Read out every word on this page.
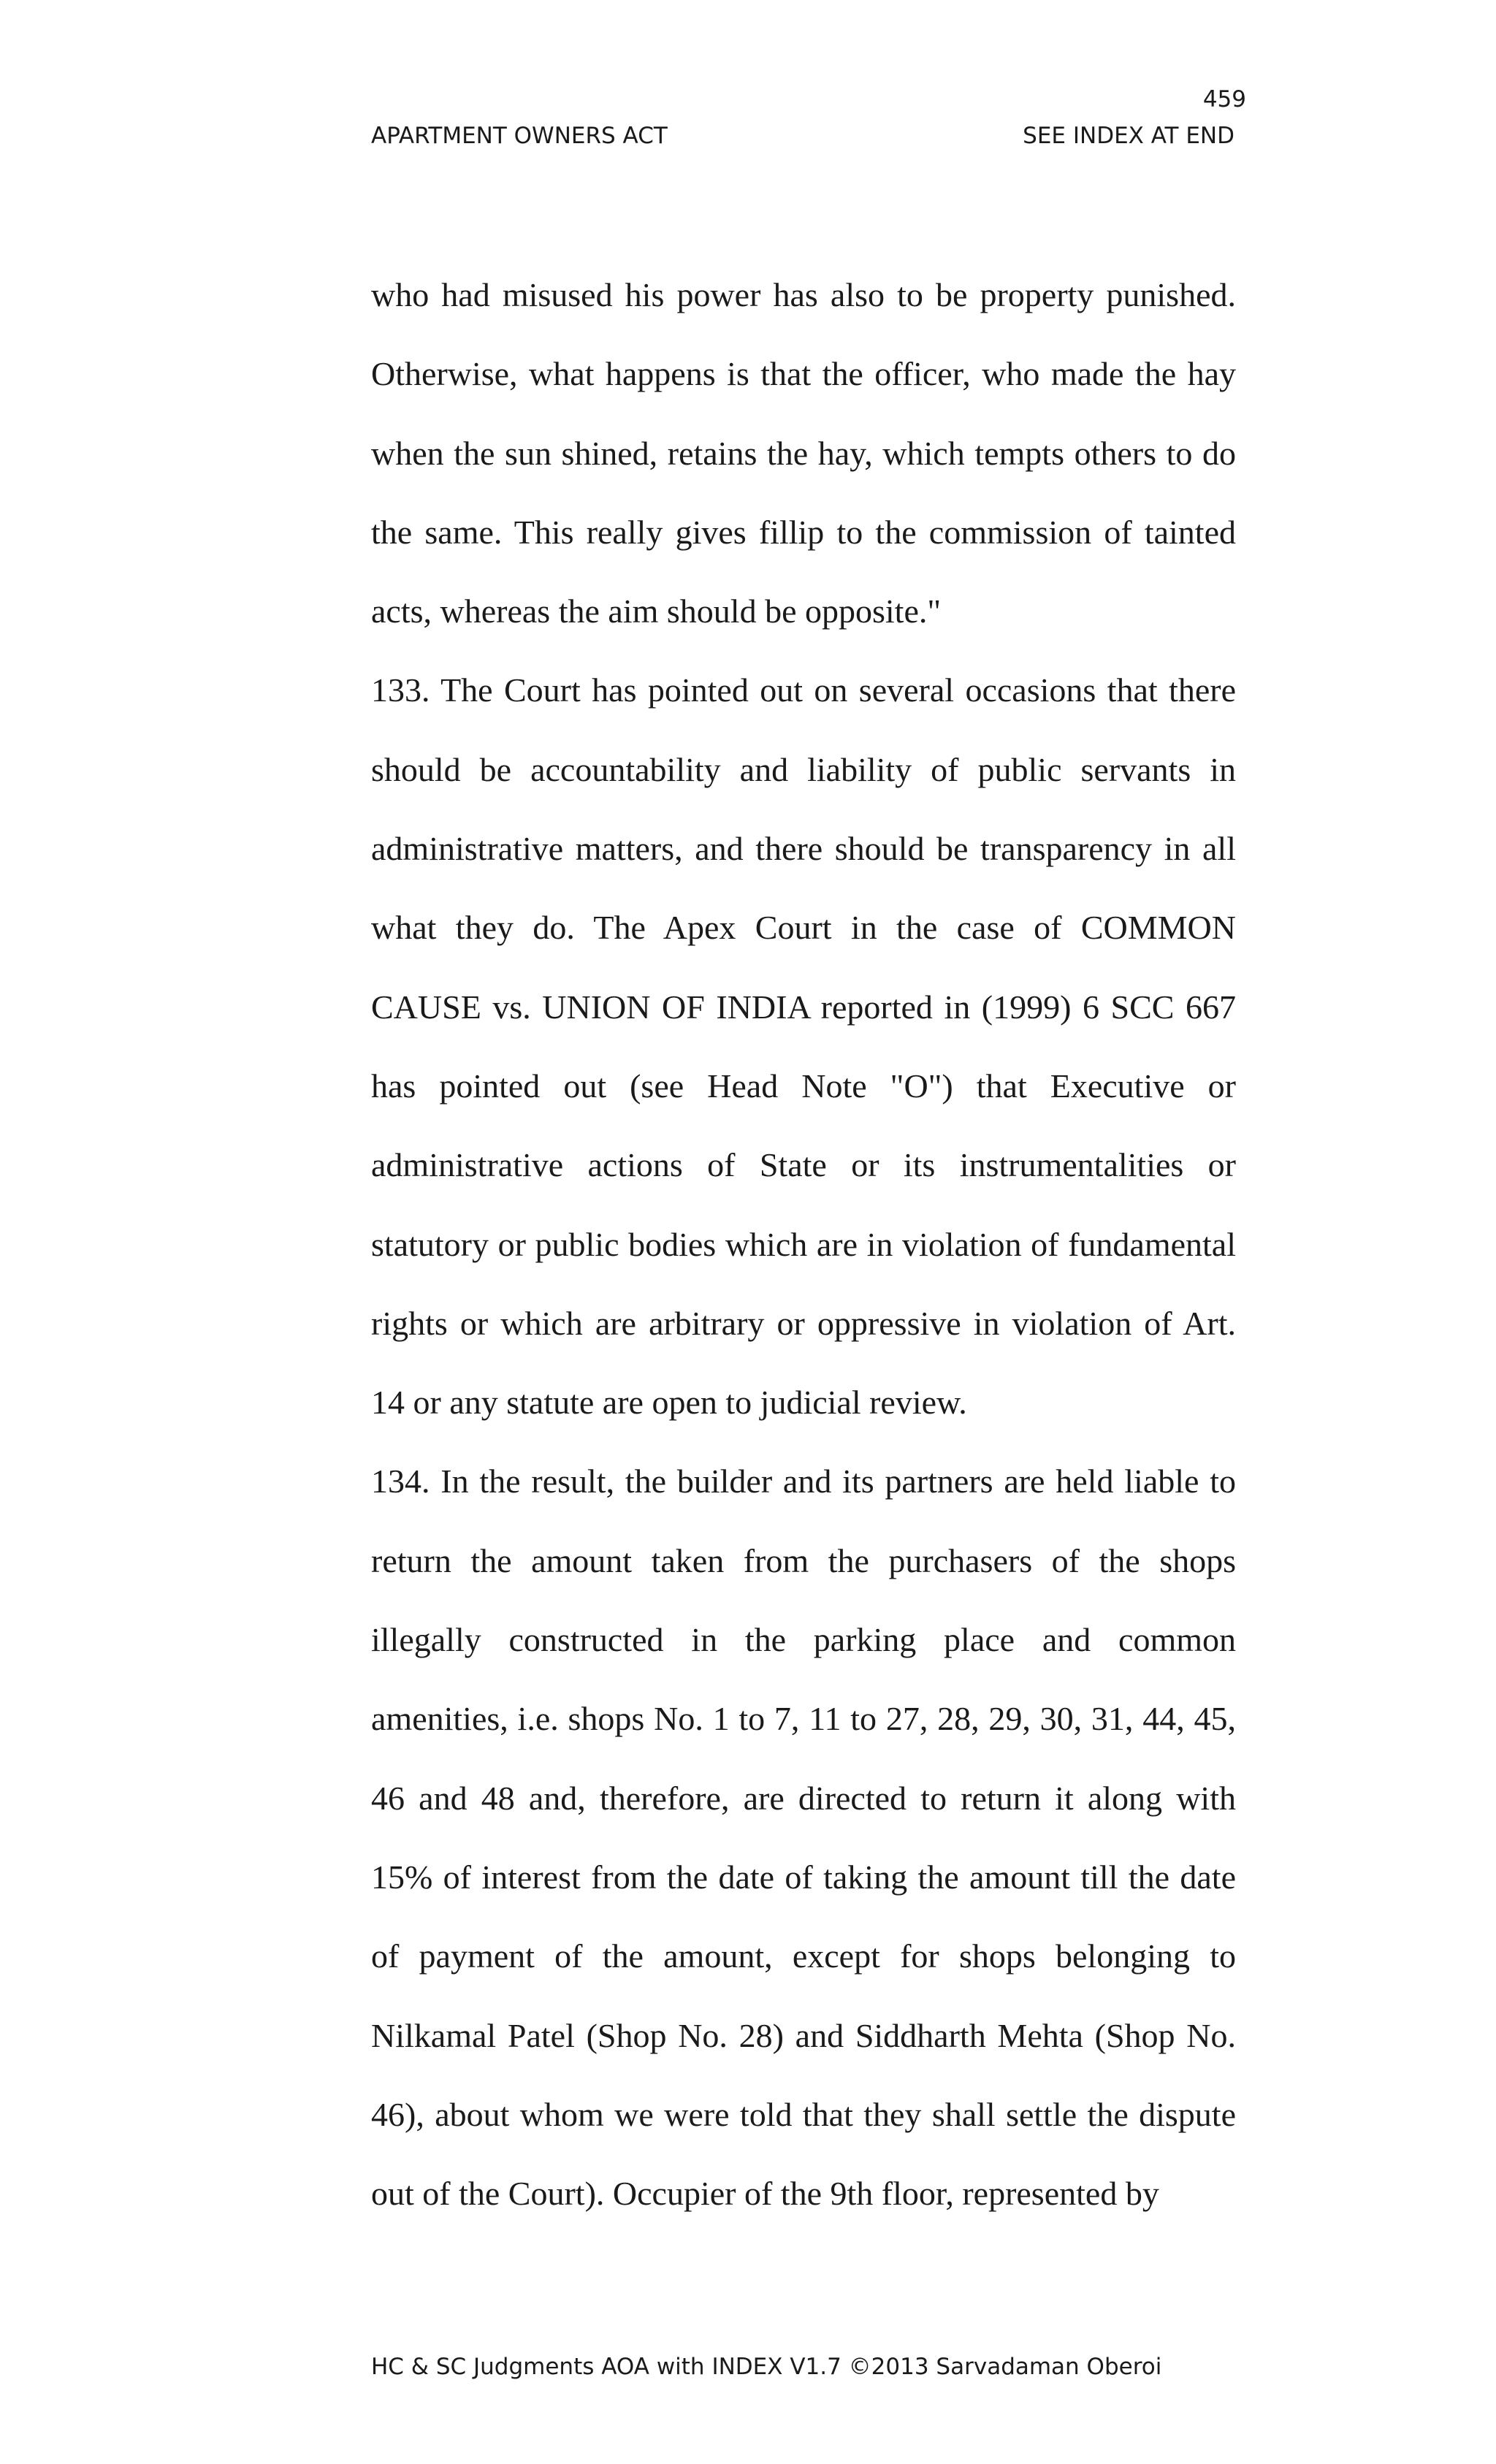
459
APARTMENT OWNERS ACT	SEE INDEX AT END

who had misused his power has also to be property punished. Otherwise, what happens is that the officer, who made the hay when the sun shined, retains the hay, which tempts others to do the same. This really gives fillip to the commission of tainted acts, whereas the aim should be opposite."

133. The Court has pointed out on several occasions that there should be accountability and liability of public servants in administrative matters, and there should be transparency in all what they do. The Apex Court in the case of COMMON CAUSE vs. UNION OF INDIA reported in (1999) 6 SCC 667 has pointed out (see Head Note "O") that Executive or administrative actions of State or its instrumentalities or statutory or public bodies which are in violation of fundamental rights or which are arbitrary or oppressive in violation of Art. 14 or any statute are open to judicial review.

134. In the result, the builder and its partners are held liable to return the amount taken from the purchasers of the shops illegally constructed in the parking place and common amenities, i.e. shops No. 1 to 7, 11 to 27, 28, 29, 30, 31, 44, 45, 46 and 48 and, therefore, are directed to return it along with 15% of interest from the date of taking the amount till the date of payment of the amount, except for shops belonging to Nilkamal Patel (Shop No. 28) and Siddharth Mehta (Shop No. 46), about whom we were told that they shall settle the dispute out of the Court). Occupier of the 9th floor, represented by

HC & SC Judgments AOA with INDEX V1.7 ©2013 Sarvadaman Oberoi
